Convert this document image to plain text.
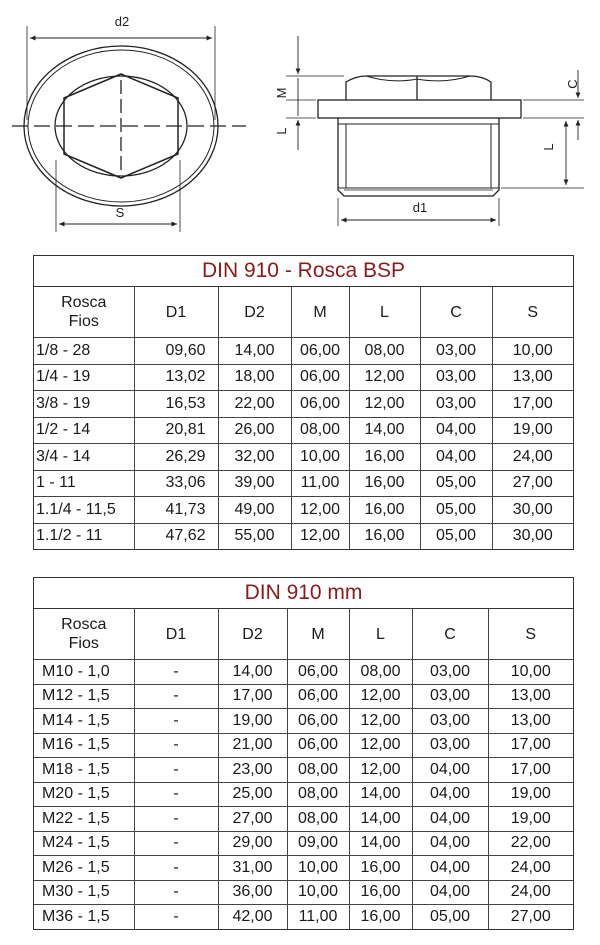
d2
S
M
L
C
L
d1
DIN 910 - Rosca BSP
Rosca
Fios	D1	D2	M	L	C	S
1/8 - 28	09,60	14,00	06,00	08,00	03,00	10,00
1/4 - 19	13,02	18,00	06,00	12,00	03,00	13,00
3/8 - 19	16,53	22,00	06,00	12,00	03,00	17,00
1/2 - 14	20,81	26,00	08,00	14,00	04,00	19,00
3/4 - 14	26,29	32,00	10,00	16,00	04,00	24,00
1 - 11	33,06	39,00	11,00	16,00	05,00	27,00
1.1/4 - 11,5	41,73	49,00	12,00	16,00	05,00	30,00
1.1/2 - 11	47,62	55,00	12,00	16,00	05,00	30,00
DIN 910 mm
Rosca
Fios	D1	D2	M	L	C	S
M10 - 1,0	-	14,00	06,00	08,00	03,00	10,00
M12 - 1,5	-	17,00	06,00	12,00	03,00	13,00
M14 - 1,5	-	19,00	06,00	12,00	03,00	13,00
M16 - 1,5	-	21,00	06,00	12,00	03,00	17,00
M18 - 1,5	-	23,00	08,00	12,00	04,00	17,00
M20 - 1,5	-	25,00	08,00	14,00	04,00	19,00
M22 - 1,5	-	27,00	08,00	14,00	04,00	19,00
M24 - 1,5	-	29,00	09,00	14,00	04,00	22,00
M26 - 1,5	-	31,00	10,00	16,00	04,00	24,00
M30 - 1,5	-	36,00	10,00	16,00	04,00	24,00
M36 - 1,5	-	42,00	11,00	16,00	05,00	27,00
